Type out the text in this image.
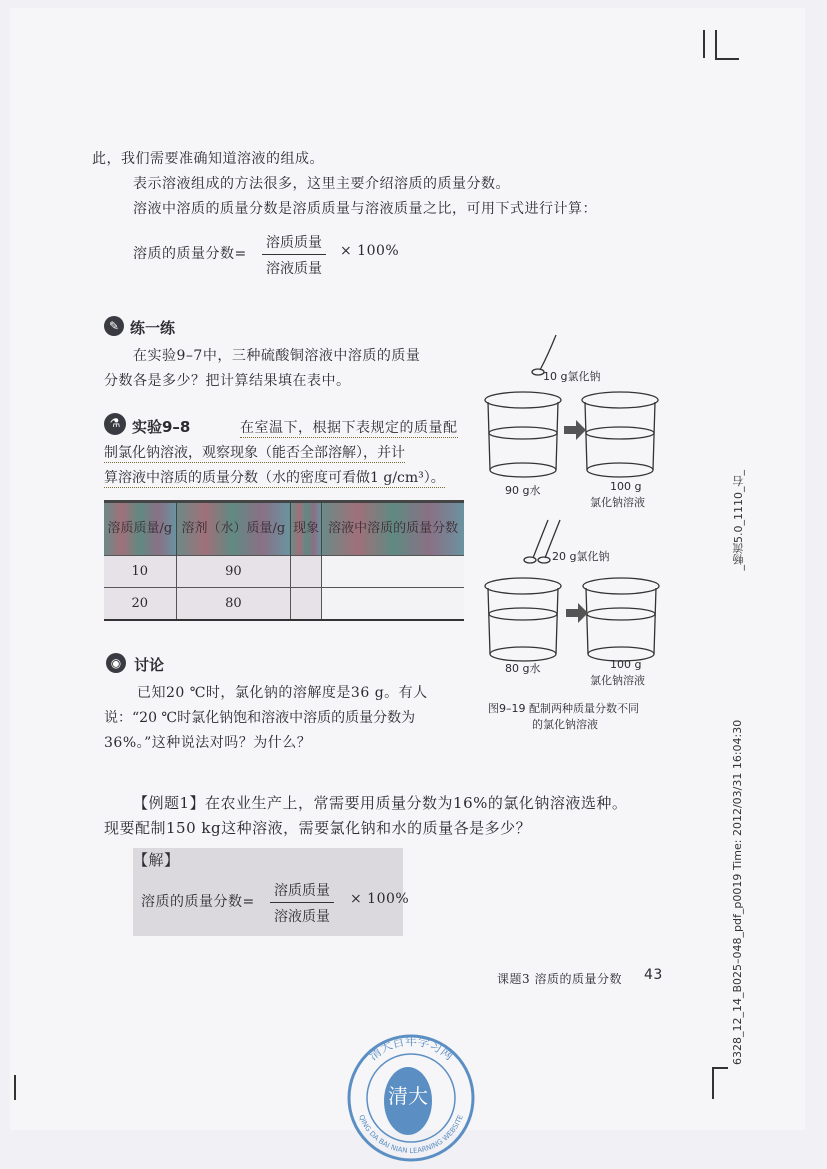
此，我们需要准确知道溶液的组成。
表示溶液组成的方法很多，这里主要介绍溶质的质量分数。
溶液中溶质的质量分数是溶质质量与溶液质量之比，可用下式进行计算：
溶质的质量分数=
溶质质量
溶液质量
× 100%
✎ 练一练
在实验9–7中，三种硫酸铜溶液中溶质的质量
分数各是多少？把计算结果填在表中。
⚗ 实验9–8	在室温下，根据下表规定的质量配
制氯化钠溶液，观察现象（能否全部溶解），并计
算溶液中溶质的质量分数（水的密度可看做1 g/cm³）。
溶质质量/g	溶剂（水）质量/g	现象	溶液中溶质的质量分数
10	90		
20	80		
◉ 讨论
已知20 ℃时，氯化钠的溶解度是36 g。有人
说：“20 ℃时氯化钠饱和溶液中溶质的质量分数为
36%。”这种说法对吗？为什么？
10 g氯化钠
90 g水	100 g
氯化钠溶液
20 g氯化钠
80 g水	100 g
氯化钠溶液
图9–19 配制两种质量分数不同
的氯化钠溶液
【例题1】在农业生产上，常需要用质量分数为16%的氯化钠溶液选种。
现要配制150 kg这种溶液，需要氯化钠和水的质量各是多少？
【解】
溶质的质量分数=
溶质质量
溶液质量
× 100%
课题3 溶质的质量分数 43
_畅流5.0_1110_右_
6328_12_14_B025–048_pdf_p0019 Time: 2012/03/31 16:04:30
清大
清大百年学习网
QING DA BAI NIAN LEARNING WEBSITE
